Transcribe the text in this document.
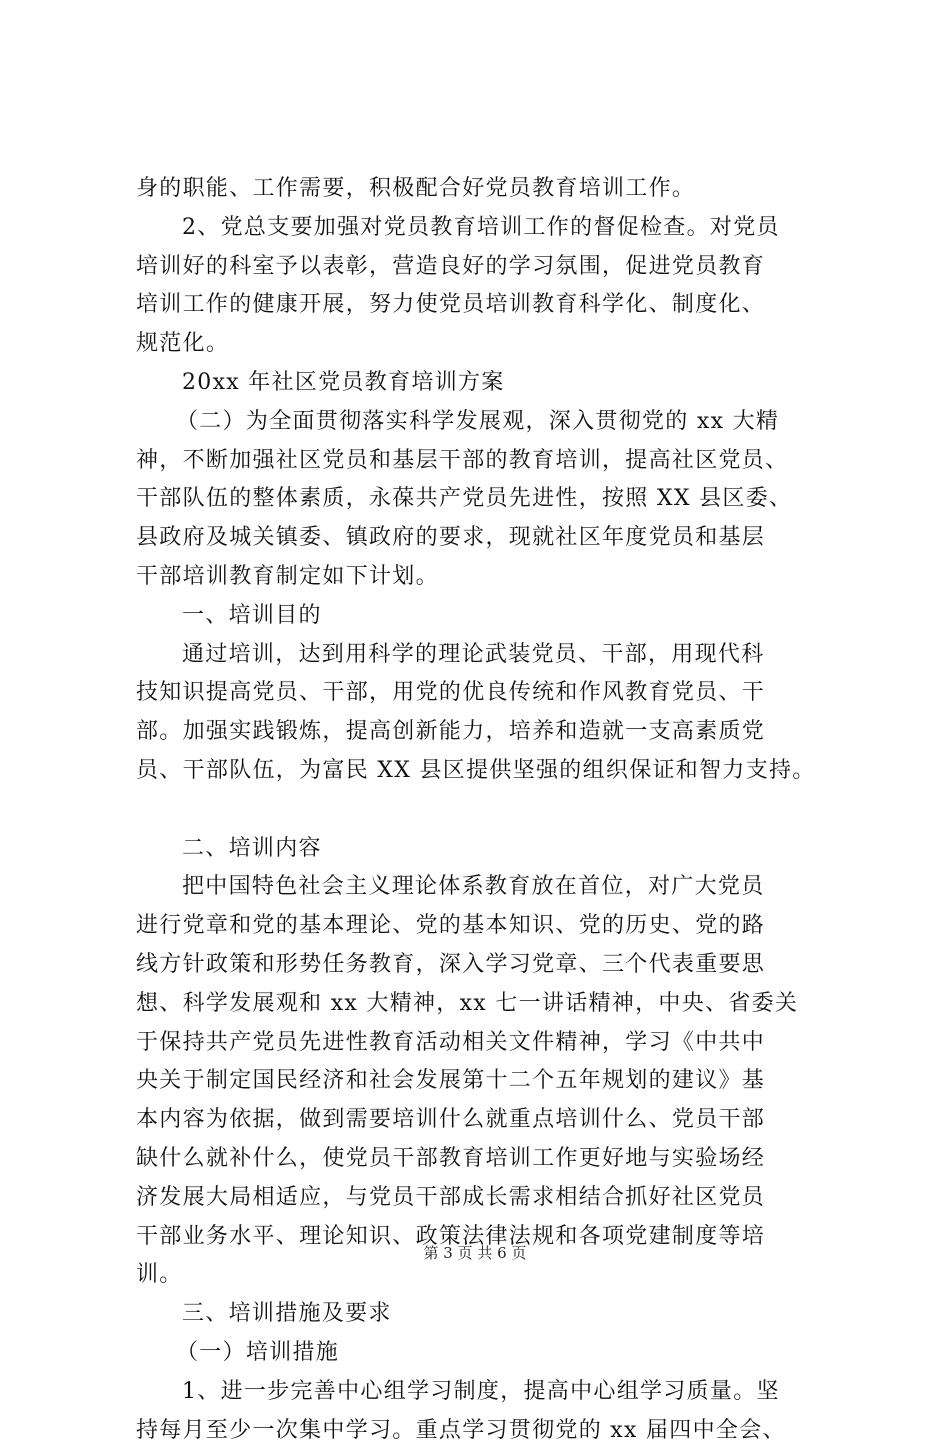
身的职能、工作需要，积极配合好党员教育培训工作。
2、党总支要加强对党员教育培训工作的督促检查。对党员
培训好的科室予以表彰，营造良好的学习氛围，促进党员教育
培训工作的健康开展，努力使党员培训教育科学化、制度化、
规范化。
20xx 年社区党员教育培训方案
（二）为全面贯彻落实科学发展观，深入贯彻党的 xx 大精
神，不断加强社区党员和基层干部的教育培训，提高社区党员、
干部队伍的整体素质，永葆共产党员先进性，按照 XX 县区委、
县政府及城关镇委、镇政府的要求，现就社区年度党员和基层
干部培训教育制定如下计划。
一、培训目的
通过培训，达到用科学的理论武装党员、干部，用现代科
技知识提高党员、干部，用党的优良传统和作风教育党员、干
部。加强实践锻炼，提高创新能力，培养和造就一支高素质党
员、干部队伍，为富民 XX 县区提供坚强的组织保证和智力支持。
二、培训内容
把中国特色社会主义理论体系教育放在首位，对广大党员
进行党章和党的基本理论、党的基本知识、党的历史、党的路
线方针政策和形势任务教育，深入学习党章、三个代表重要思
想、科学发展观和 xx 大精神，xx 七一讲话精神，中央、省委关
于保持共产党员先进性教育活动相关文件精神，学习《中共中
央关于制定国民经济和社会发展第十二个五年规划的建议》基
本内容为依据，做到需要培训什么就重点培训什么、党员干部
缺什么就补什么，使党员干部教育培训工作更好地与实验场经
济发展大局相适应，与党员干部成长需求相结合抓好社区党员
干部业务水平、理论知识、政策法律法规和各项党建制度等培
训。
三、培训措施及要求
（一）培训措施
1、进一步完善中心组学习制度，提高中心组学习质量。坚
持每月至少一次集中学习。重点学习贯彻党的 xx 届四中全会、
第 3 页 共 6 页
